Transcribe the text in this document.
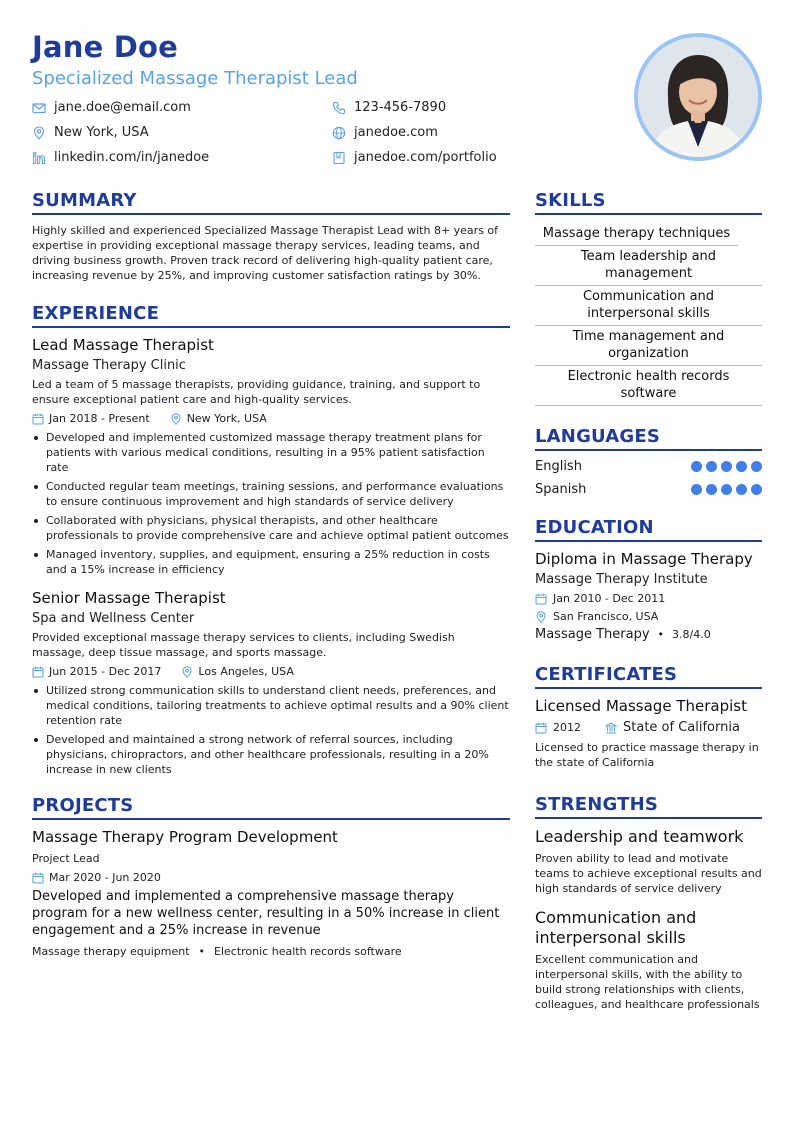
Jane Doe
Specialized Massage Therapist Lead
jane.doe@email.com	123-456-7890
New York, USA	janedoe.com
linkedin.com/in/janedoe	janedoe.com/portfolio
SUMMARY
Highly skilled and experienced Specialized Massage Therapist Lead with 8+ years of expertise in providing exceptional massage therapy services, leading teams, and driving business growth. Proven track record of delivering high-quality patient care, increasing revenue by 25%, and improving customer satisfaction ratings by 30%.
EXPERIENCE
Lead Massage Therapist
Massage Therapy Clinic
Led a team of 5 massage therapists, providing guidance, training, and support to ensure exceptional patient care and high-quality services.
Jan 2018 - Present	New York, USA
Developed and implemented customized massage therapy treatment plans for patients with various medical conditions, resulting in a 95% patient satisfaction rate
Conducted regular team meetings, training sessions, and performance evaluations to ensure continuous improvement and high standards of service delivery
Collaborated with physicians, physical therapists, and other healthcare professionals to provide comprehensive care and achieve optimal patient outcomes
Managed inventory, supplies, and equipment, ensuring a 25% reduction in costs and a 15% increase in efficiency
Senior Massage Therapist
Spa and Wellness Center
Provided exceptional massage therapy services to clients, including Swedish massage, deep tissue massage, and sports massage.
Jun 2015 - Dec 2017	Los Angeles, USA
Utilized strong communication skills to understand client needs, preferences, and medical conditions, tailoring treatments to achieve optimal results and a 90% client retention rate
Developed and maintained a strong network of referral sources, including physicians, chiropractors, and other healthcare professionals, resulting in a 20% increase in new clients
PROJECTS
Massage Therapy Program Development
Project Lead
Mar 2020 - Jun 2020
Developed and implemented a comprehensive massage therapy program for a new wellness center, resulting in a 50% increase in client engagement and a 25% increase in revenue
Massage therapy equipment • Electronic health records software
SKILLS
Massage therapy techniques
Team leadership and management
Communication and interpersonal skills
Time management and organization
Electronic health records software
LANGUAGES
English
Spanish
EDUCATION
Diploma in Massage Therapy
Massage Therapy Institute
Jan 2010 - Dec 2011
San Francisco, USA
Massage Therapy • 3.8/4.0
CERTIFICATES
Licensed Massage Therapist
2012	State of California
Licensed to practice massage therapy in the state of California
STRENGTHS
Leadership and teamwork
Proven ability to lead and motivate teams to achieve exceptional results and high standards of service delivery
Communication and interpersonal skills
Excellent communication and interpersonal skills, with the ability to build strong relationships with clients, colleagues, and healthcare professionals
